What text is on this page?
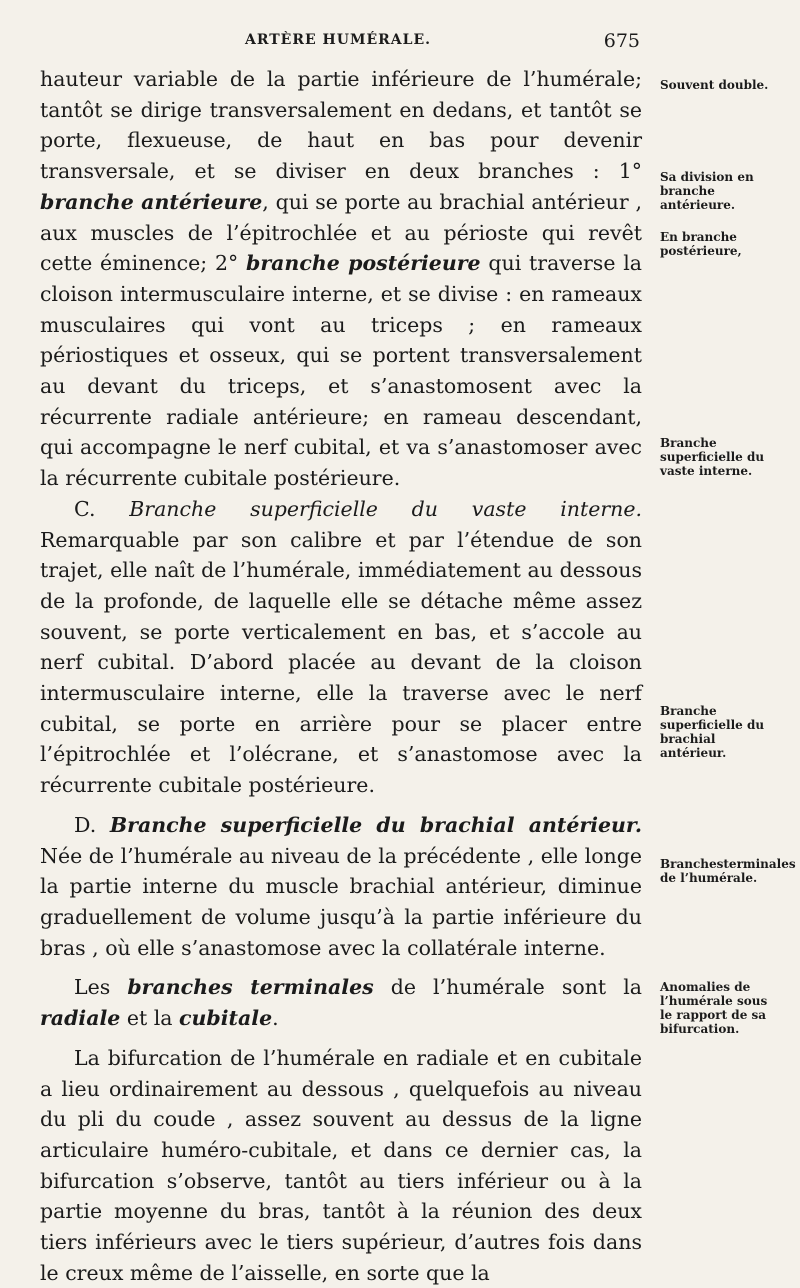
ARTÈRE HUMÉRALE.	675

hauteur variable de la partie inférieure de l’humérale; tantôt se dirige transversalement en dedans, et tantôt se porte, flexueuse, de haut en bas pour devenir transversale, et se diviser en deux branches : 1° branche antérieure, qui se porte au brachial antérieur , aux muscles de l’épitrochlée et au périoste qui revêt cette éminence; 2° branche postérieure qui traverse la cloison intermusculaire interne, et se divise : en rameaux musculaires qui vont au triceps ; en rameaux périostiques et osseux, qui se portent transversalement au devant du triceps, et s’anastomosent avec la récurrente radiale antérieure; en rameau descendant, qui accompagne le nerf cubital, et va s’anastomoser avec la récurrente cubitale postérieure.

C. Branche superficielle du vaste interne. Remarquable par son calibre et par l’étendue de son trajet, elle naît de l’humérale, immédiatement au dessous de la profonde, de laquelle elle se détache même assez souvent, se porte verticalement en bas, et s’accole au nerf cubital. D’abord placée au devant de la cloison intermusculaire interne, elle la traverse avec le nerf cubital, se porte en arrière pour se placer entre l’épitrochlée et l’olécrane, et s’anastomose avec la récurrente cubitale postérieure.

D. Branche superficielle du brachial antérieur. Née de l’humérale au niveau de la précédente , elle longe la partie interne du muscle brachial antérieur, diminue graduellement de volume jusqu’à la partie inférieure du bras , où elle s’anastomose avec la collatérale interne.

Les branches terminales de l’humérale sont la radiale et la cubitale.

La bifurcation de l’humérale en radiale et en cubitale a lieu ordinairement au dessous , quelquefois au niveau du pli du coude , assez souvent au dessus de la ligne articulaire huméro-cubitale, et dans ce dernier cas, la bifurcation s’observe, tantôt au tiers inférieur ou à la partie moyenne du bras, tantôt à la réunion des deux tiers inférieurs avec le tiers supérieur, d’autres fois dans le creux même de l’aisselle, en sorte que la

Souvent double.
Sa division en branche antérieure.
En branche postérieure,
Branche superficielle du vaste interne.
Branche superficielle du brachial antérieur.
Branchesterminales de l’humérale.
Anomalies de l’humérale sous le rapport de sa bifurcation.
